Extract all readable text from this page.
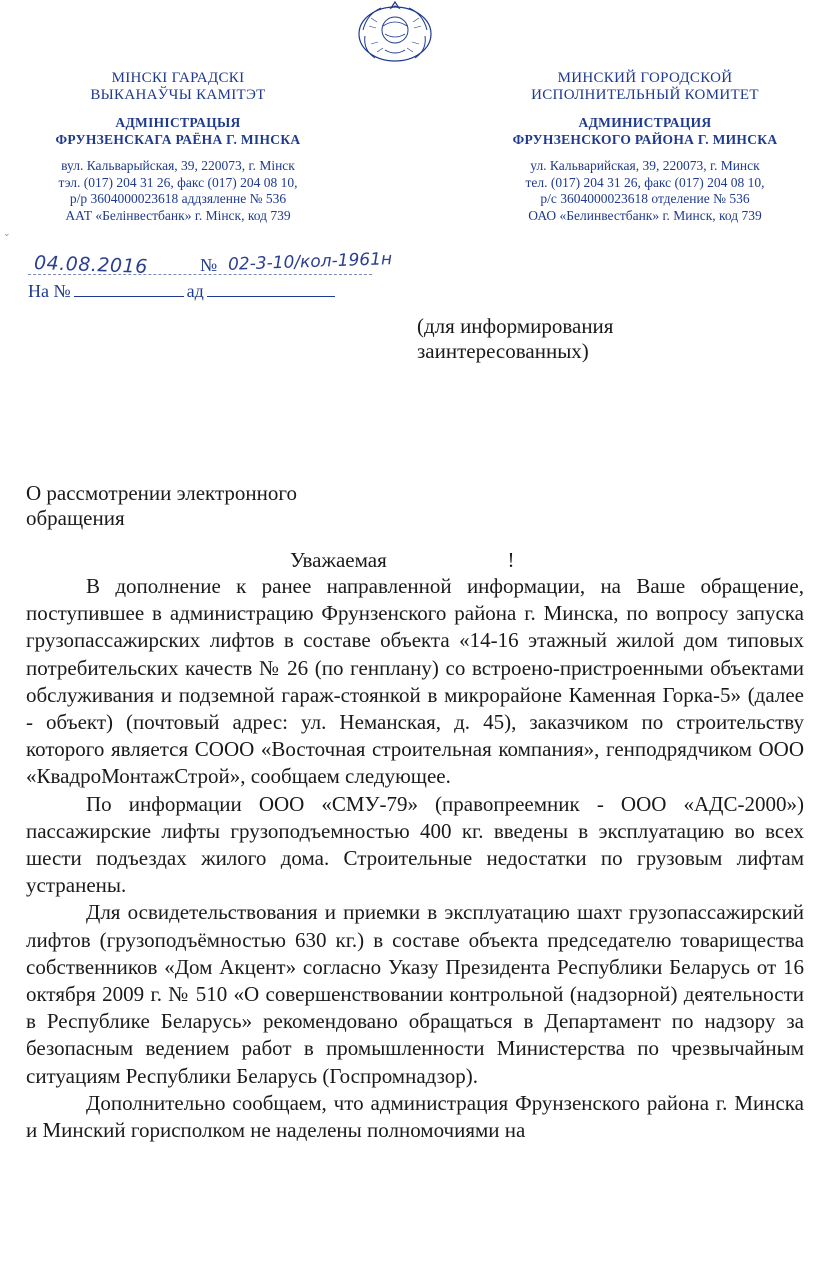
МІНСКІ ГАРАДСКІ
ВЫКАНАЎЧЫ КАМІТЭТ
АДМІНІСТРАЦЫЯ
ФРУНЗЕНСКАГА РАЁНА Г. МІНСКА
вул. Кальварыйская, 39, 220073, г. Мінск
тэл. (017) 204 31 26, факс (017) 204 08 10,
р/р 3604000023618 аддзяленне № 536
ААТ «Белінвестбанк» г. Мінск, код 739
МИНСКИЙ ГОРОДСКОЙ
ИСПОЛНИТЕЛЬНЫЙ КОМИТЕТ
АДМИНИСТРАЦИЯ
ФРУНЗЕНСКОГО РАЙОНА Г. МИНСКА
ул. Кальварийская, 39, 220073, г. Минск
тел. (017) 204 31 26, факс (017) 204 08 10,
р/с 3604000023618 отделение № 536
ОАО «Белинвестбанк» г. Минск, код 739
⌄
04.08.2016	№ 02-3-10/кол-1961н
На №	ад
(для информирования
заинтересованных)
О рассмотрении электронного
обращения
Уважаемая                       !

В дополнение к ранее направленной информации, на Ваше обращение, поступившее в администрацию Фрунзенского района г. Минска, по вопросу запуска грузопассажирских лифтов в составе объекта «14-16 этажный жилой дом типовых потребительских качеств № 26 (по генплану) со встроено-пристроенными объектами обслуживания и подземной гараж-стоянкой в микрорайоне Каменная Горка-5» (далее - объект) (почтовый адрес: ул. Неманская, д. 45), заказчиком по строительству которого является СООО «Восточная строительная компания», генподрядчиком ООО «КвадроМонтажСтрой», сообщаем следующее.

По информации ООО «СМУ-79» (правопреемник - ООО «АДС-2000») пассажирские лифты грузоподъемностью 400 кг. введены в эксплуатацию во всех шести подъездах жилого дома. Строительные недостатки по грузовым лифтам устранены.

Для освидетельствования и приемки в эксплуатацию шахт грузопассажирский лифтов (грузоподъёмностью 630 кг.) в составе объекта председателю товарищества собственников «Дом Акцент» согласно Указу Президента Республики Беларусь от 16 октября 2009 г. № 510 «О совершенствовании контрольной (надзорной) деятельности в Республике Беларусь» рекомендовано обращаться в Департамент по надзору за безопасным ведением работ в промышленности Министерства по чрезвычайным ситуациям Республики Беларусь (Госпромнадзор).

Дополнительно сообщаем, что администрация Фрунзенского района г. Минска и Минский горисполком не наделены полномочиями на
